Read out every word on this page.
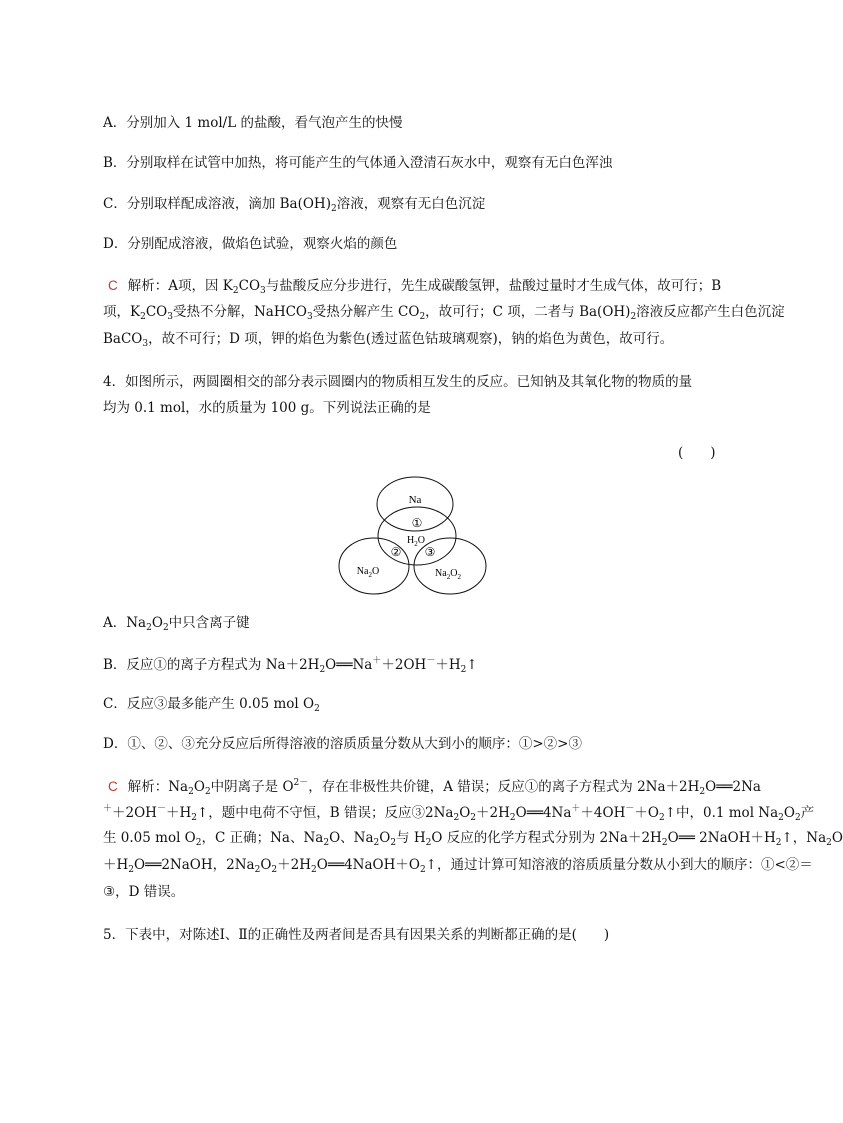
A．分别加入 1 mol/L 的盐酸，看气泡产生的快慢
B．分别取样在试管中加热，将可能产生的气体通入澄清石灰水中，观察有无白色浑浊
C．分别取样配成溶液，滴加 $Ba(OH)_2$溶液，观察有无白色沉淀
D．分别配成溶液，做焰色试验，观察火焰的颜色
C 解析：A项，因 $K_2CO_3$与盐酸反应分步进行，先生成碳酸氢钾，盐酸过量时才生成气体，故可行；B
项，$K_2CO_3$受热不分解，NaHCO$_3$受热分解产生 $CO_2$，故可行；C 项，二者与 $Ba(OH)_2$溶液反应都产生白色沉淀
BaCO$_3$，故不可行；D 项，钾的焰色为紫色(透过蓝色钴玻璃观察)，钠的焰色为黄色，故可行。
4．如图所示，两圆圈相交的部分表示圆圈内的物质相互发生的反应。已知钠及其氧化物的物质的量
均为 0.1 mol，水的质量为 100 g。下列说法正确的是
(　　)
Na
①
$H_2O$
② ③
$Na_2O$	$Na_2O_2$
A．$Na_2O_2$中只含离子键
B．反应①的离子方程式为 $Na+2H_2O══Na^++2OH^-+H_2↑$
C．反应③最多能产生 0.05 mol $O_2$
D．①、②、③充分反应后所得溶液的溶质质量分数从大到小的顺序：①>②>③
C 解析：$Na_2O_2$中阴离子是 $O^{2-}$，存在非极性共价键，A 错误；反应①的离子方程式为 $2Na+2H_2O══2Na$
$^++2OH^-+H_2↑$，题中电荷不守恒，B 错误；反应$③2Na_2O_2+2H_2O══4Na^++4OH^-+O_2↑$中，0.1 mol $Na_2O_2$产
生 0.05 mol $O_2$，C 正确；Na、$Na_2O$、$Na_2O_2$与 $H_2O$ 反应的化学方程式分别为 $2Na+2H_2O══$ $2NaOH+H_2↑$，$Na_2O$
$+H_2O══2NaOH$，$2Na_2O_2+2H_2O══4NaOH+O_2↑$，通过计算可知溶液的溶质质量分数从小到大的顺序：①<②＝
③，D 错误。
5．下表中，对陈述Ⅰ、Ⅱ的正确性及两者间是否具有因果关系的判断都正确的是(　　)
